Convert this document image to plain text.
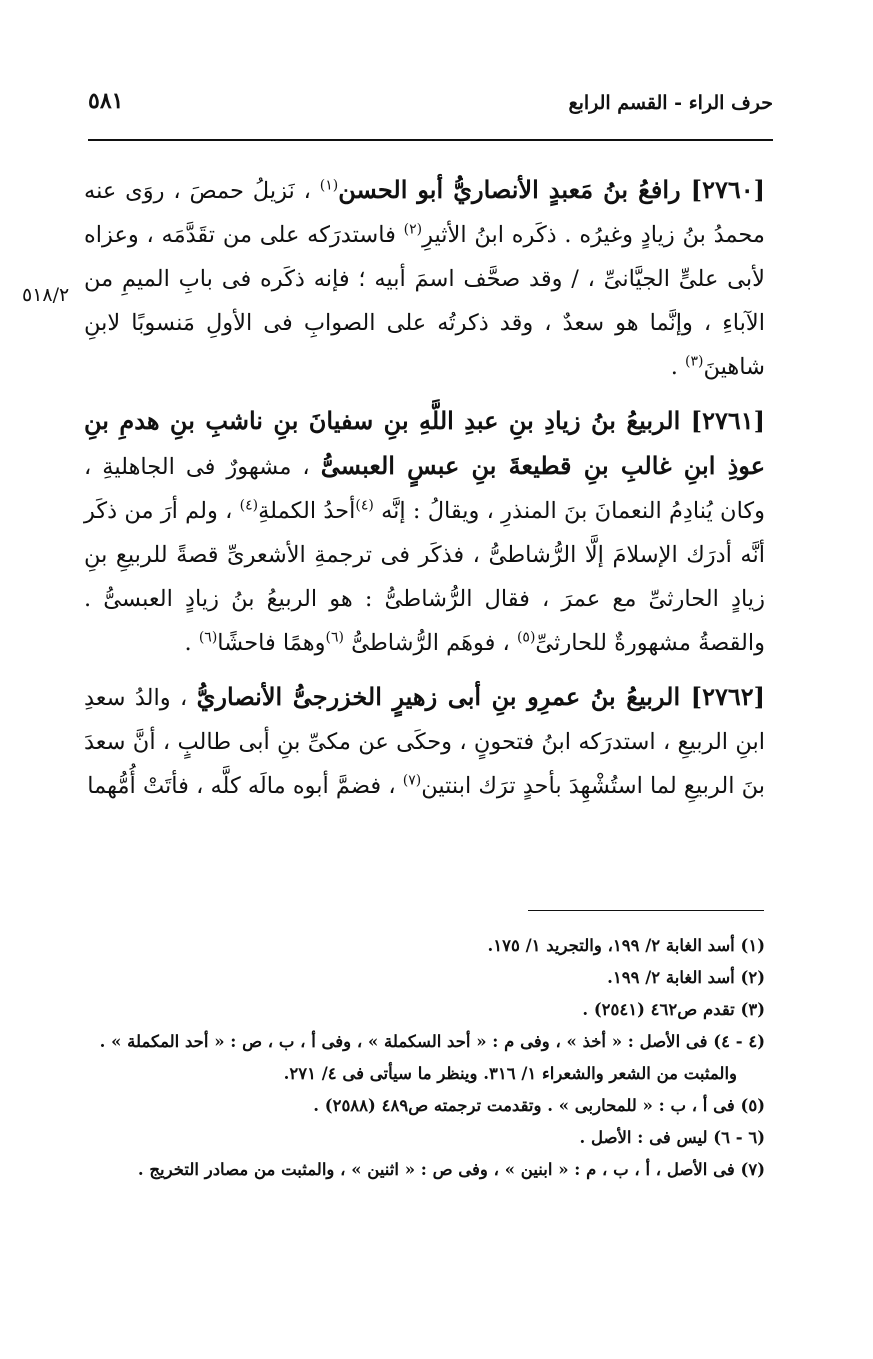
حرف الراء - القسم الرابع
٥٨١
٥١٨/٢

[٢٧٦٠] رافعُ بنُ مَعبدٍ الأنصاريُّ أبو الحسن$^{(١)}$ ، نَزيلُ حمصَ ، روَى عنه محمدُ بنُ زيادٍ وغيرُه . ذكَره ابنُ الأثيرِ$^{(٢)}$ فاستدرَكه على من تقَدَّمَه ، وعزاه لأبى علىٍّ الجيَّانىِّ ، / وقد صحَّف اسمَ أبيه ؛ فإنه ذكَره فى بابِ الميمِ من الآباءِ ، وإنَّما هو سعدٌ ، وقد ذكرتُه على الصوابِ فى الأولِ مَنسوبًا لابنِ شاهينَ$^{(٣)}$ .

[٢٧٦١] الربيعُ بنُ زيادِ بنِ عبدِ اللَّهِ بنِ سفيانَ بنِ ناشبِ بنِ هدمِ بنِ عوذِ ابنِ غالبِ بنِ قطيعةَ بنِ عبسٍ العبسىُّ ، مشهورٌ فى الجاهليةِ ، وكان يُنادِمُ النعمانَ بنَ المنذرِ ، ويقالُ : إنَّه $^{(٤)}$أحدُ الكملةِ$^{(٤)}$ ، ولم أرَ من ذكَر أنَّه أدرَك الإسلامَ إلَّا الرُّشاطىُّ ، فذكَر فى ترجمةِ الأشعرىِّ قصةً للربيعِ بنِ زيادٍ الحارثىِّ مع عمرَ ، فقال الرُّشاطىُّ : هو الربيعُ بنُ زيادٍ العبسىُّ . والقصةُ مشهورةٌ للحارثىِّ$^{(٥)}$ ، فوهَم الرُّشاطىُّ $^{(٦)}$وهمًا فاحشًا$^{(٦)}$ .

[٢٧٦٢] الربيعُ بنُ عمرِو بنِ أبى زهيرٍ الخزرجىُّ الأنصاريُّ ، والدُ سعدِ ابنِ الربيعِ ، استدرَكه ابنُ فتحونٍ ، وحكَى عن مكىِّ بنِ أبى طالبٍ ، أنَّ سعدَ بنَ الربيعِ لما استُشْهِدَ بأحدٍ ترَك ابنتين$^{(٧)}$ ، فضمَّ أبوه مالَه كلَّه ، فأتَتْ أُمُّهما

(١) أسد الغابة ٢/ ١٩٩، والتجريد ١/ ١٧٥.

(٢) أسد الغابة ٢/ ١٩٩.

(٣) تقدم ص٤٦٢ (٢٥٤١) .

(٤ - ٤) فى الأصل : « أخذ » ، وفى م : « أحد السكملة » ، وفى أ ، ب ، ص : « أحد المكملة » .

والمثبت من الشعر والشعراء ١/ ٣١٦. وينظر ما سيأتى فى ٤/ ٢٧١.

(٥) فى أ ، ب : « للمحاربى » . وتقدمت ترجمته ص٤٨٩ (٢٥٨٨) .

(٦ - ٦) ليس فى : الأصل .

(٧) فى الأصل ، أ ، ب ، م : « ابنين » ، وفى ص : « اثنين » ، والمثبت من مصادر التخريج .
